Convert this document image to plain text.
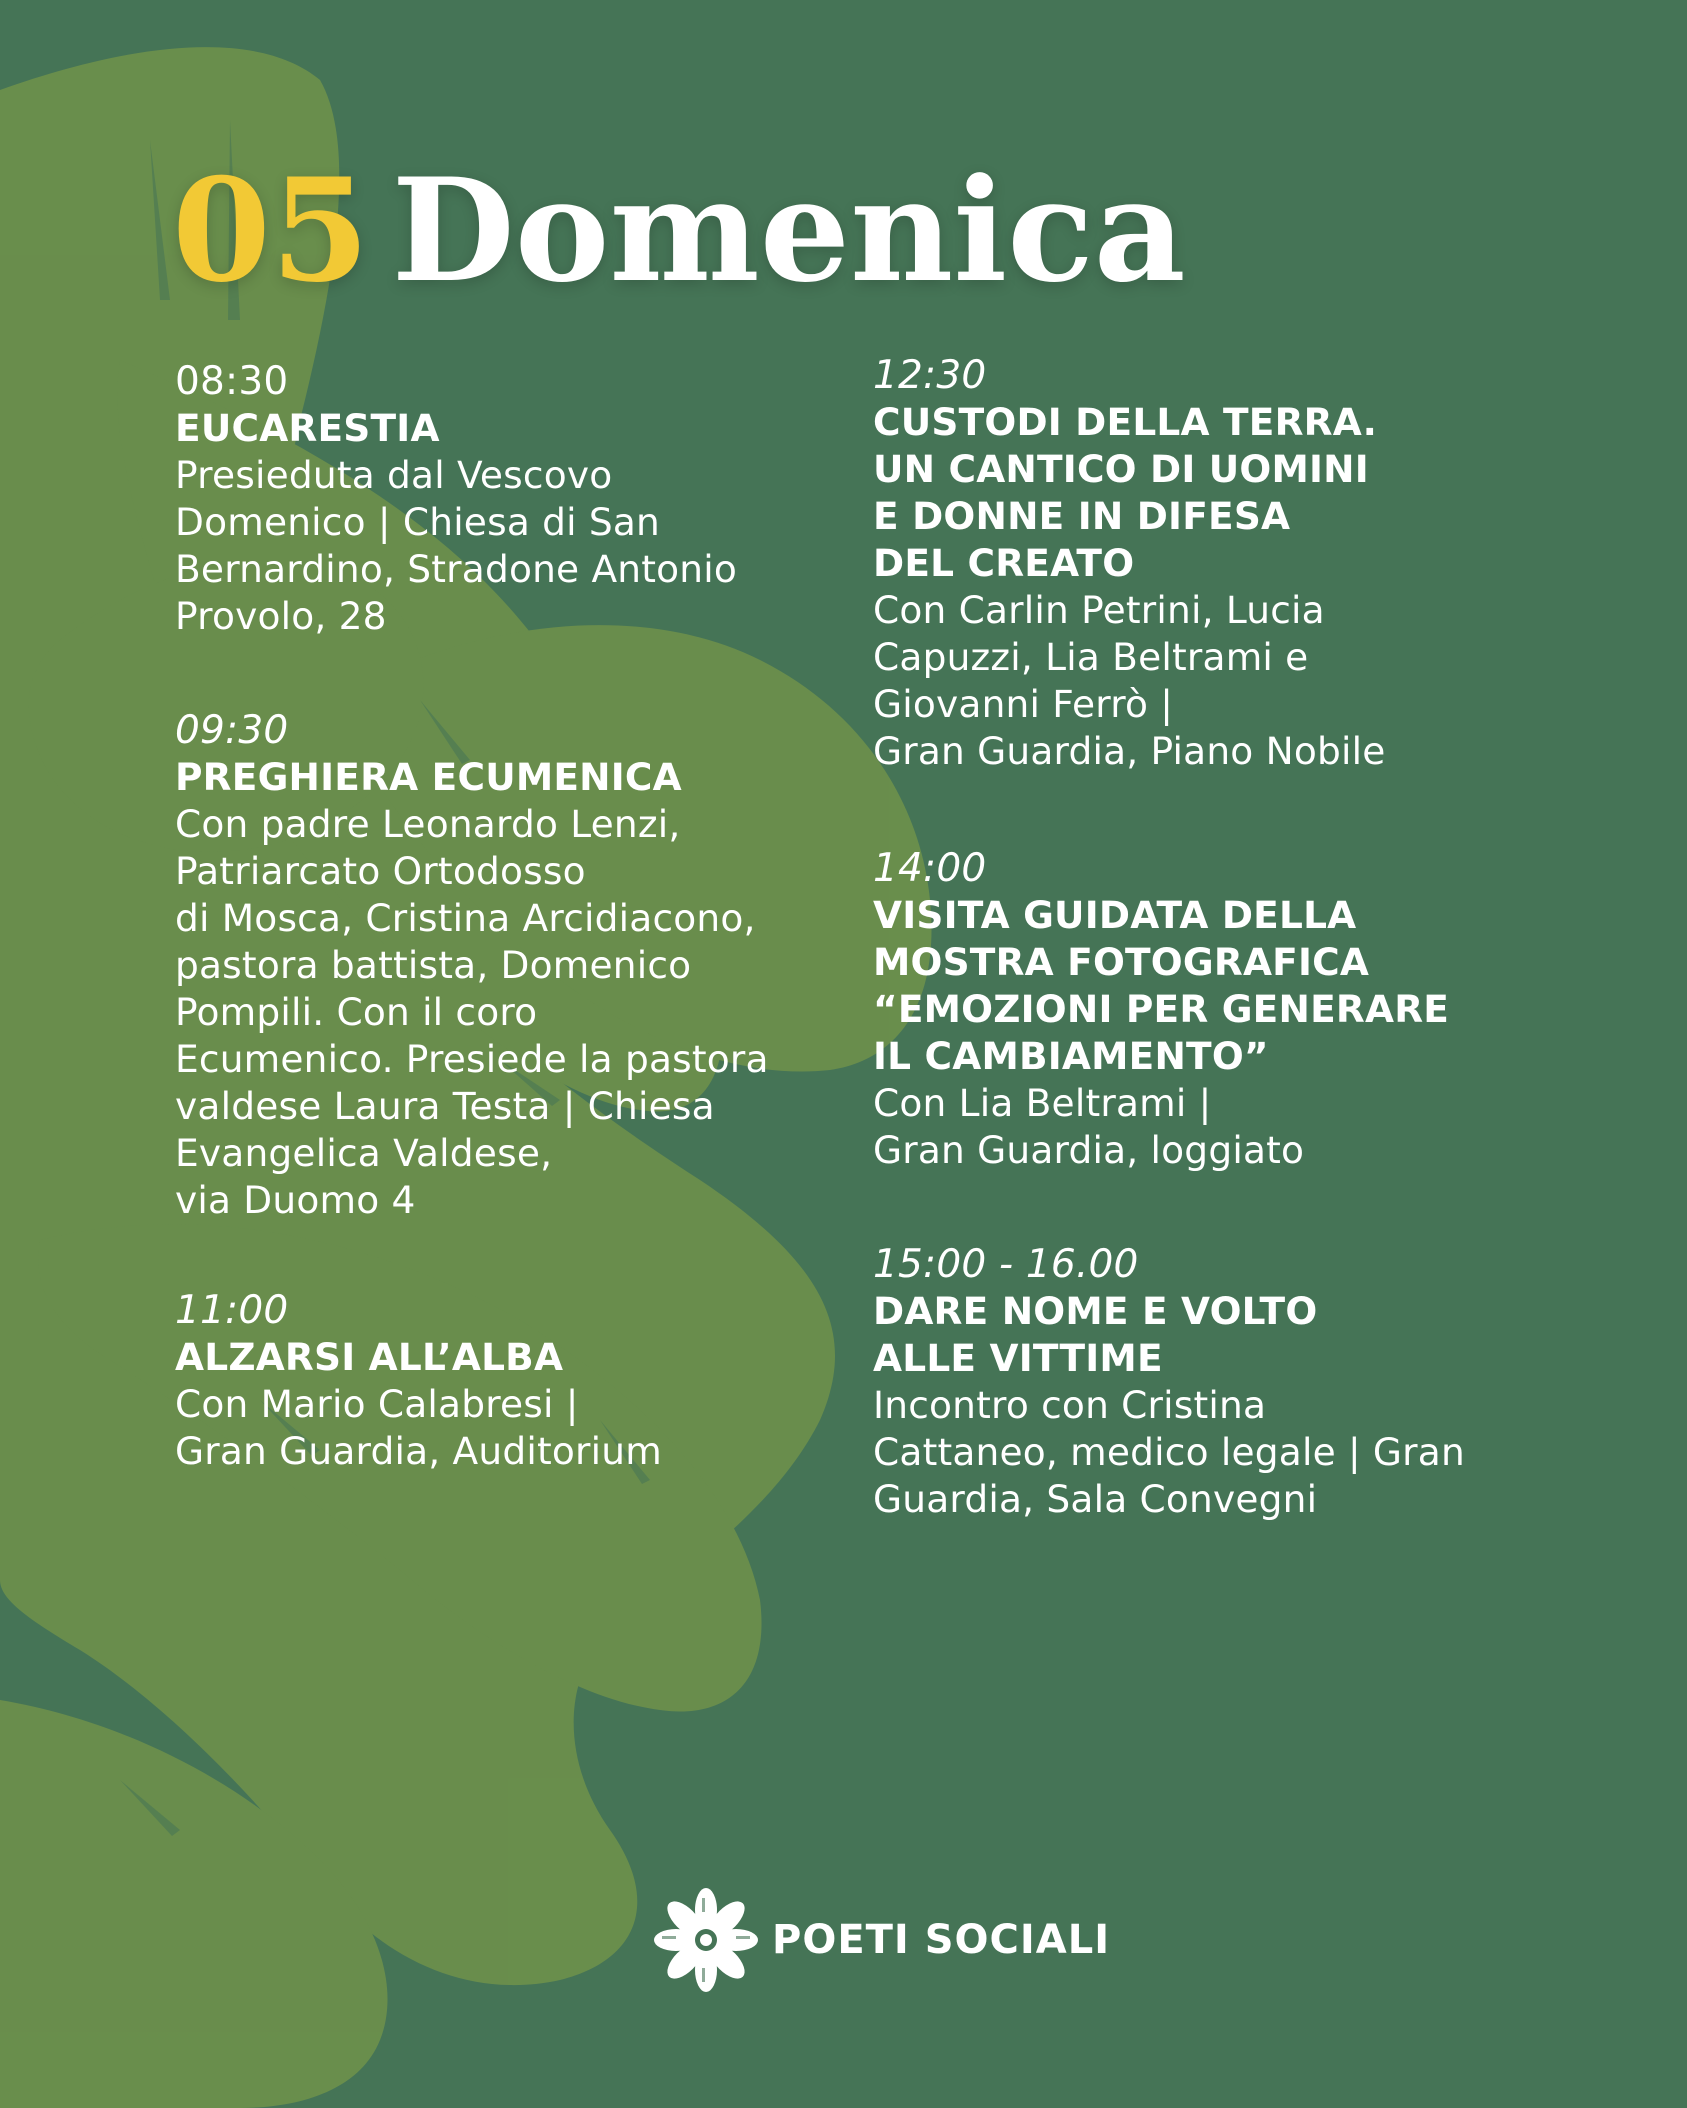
05 Domenica
08:30
EUCARESTIA
Presieduta dal Vescovo
Domenico | Chiesa di San
Bernardino, Stradone Antonio
Provolo, 28
09:30
PREGHIERA ECUMENICA
Con padre Leonardo Lenzi,
Patriarcato Ortodosso
di Mosca, Cristina Arcidiacono,
pastora battista, Domenico
Pompili. Con il coro
Ecumenico. Presiede la pastora
valdese Laura Testa | Chiesa
Evangelica Valdese,
via Duomo 4
11:00
ALZARSI ALL’ALBA
Con Mario Calabresi |
Gran Guardia, Auditorium
12:30
CUSTODI DELLA TERRA.
UN CANTICO DI UOMINI
E DONNE IN DIFESA
DEL CREATO
Con Carlin Petrini, Lucia
Capuzzi, Lia Beltrami e
Giovanni Ferrò |
Gran Guardia, Piano Nobile
14:00
VISITA GUIDATA DELLA
MOSTRA FOTOGRAFICA
“EMOZIONI PER GENERARE
IL CAMBIAMENTO”
Con Lia Beltrami |
Gran Guardia, loggiato
15:00 - 16.00
DARE NOME E VOLTO
ALLE VITTIME
Incontro con Cristina
Cattaneo, medico legale | Gran
Guardia, Sala Convegni
POETI SOCIALI
